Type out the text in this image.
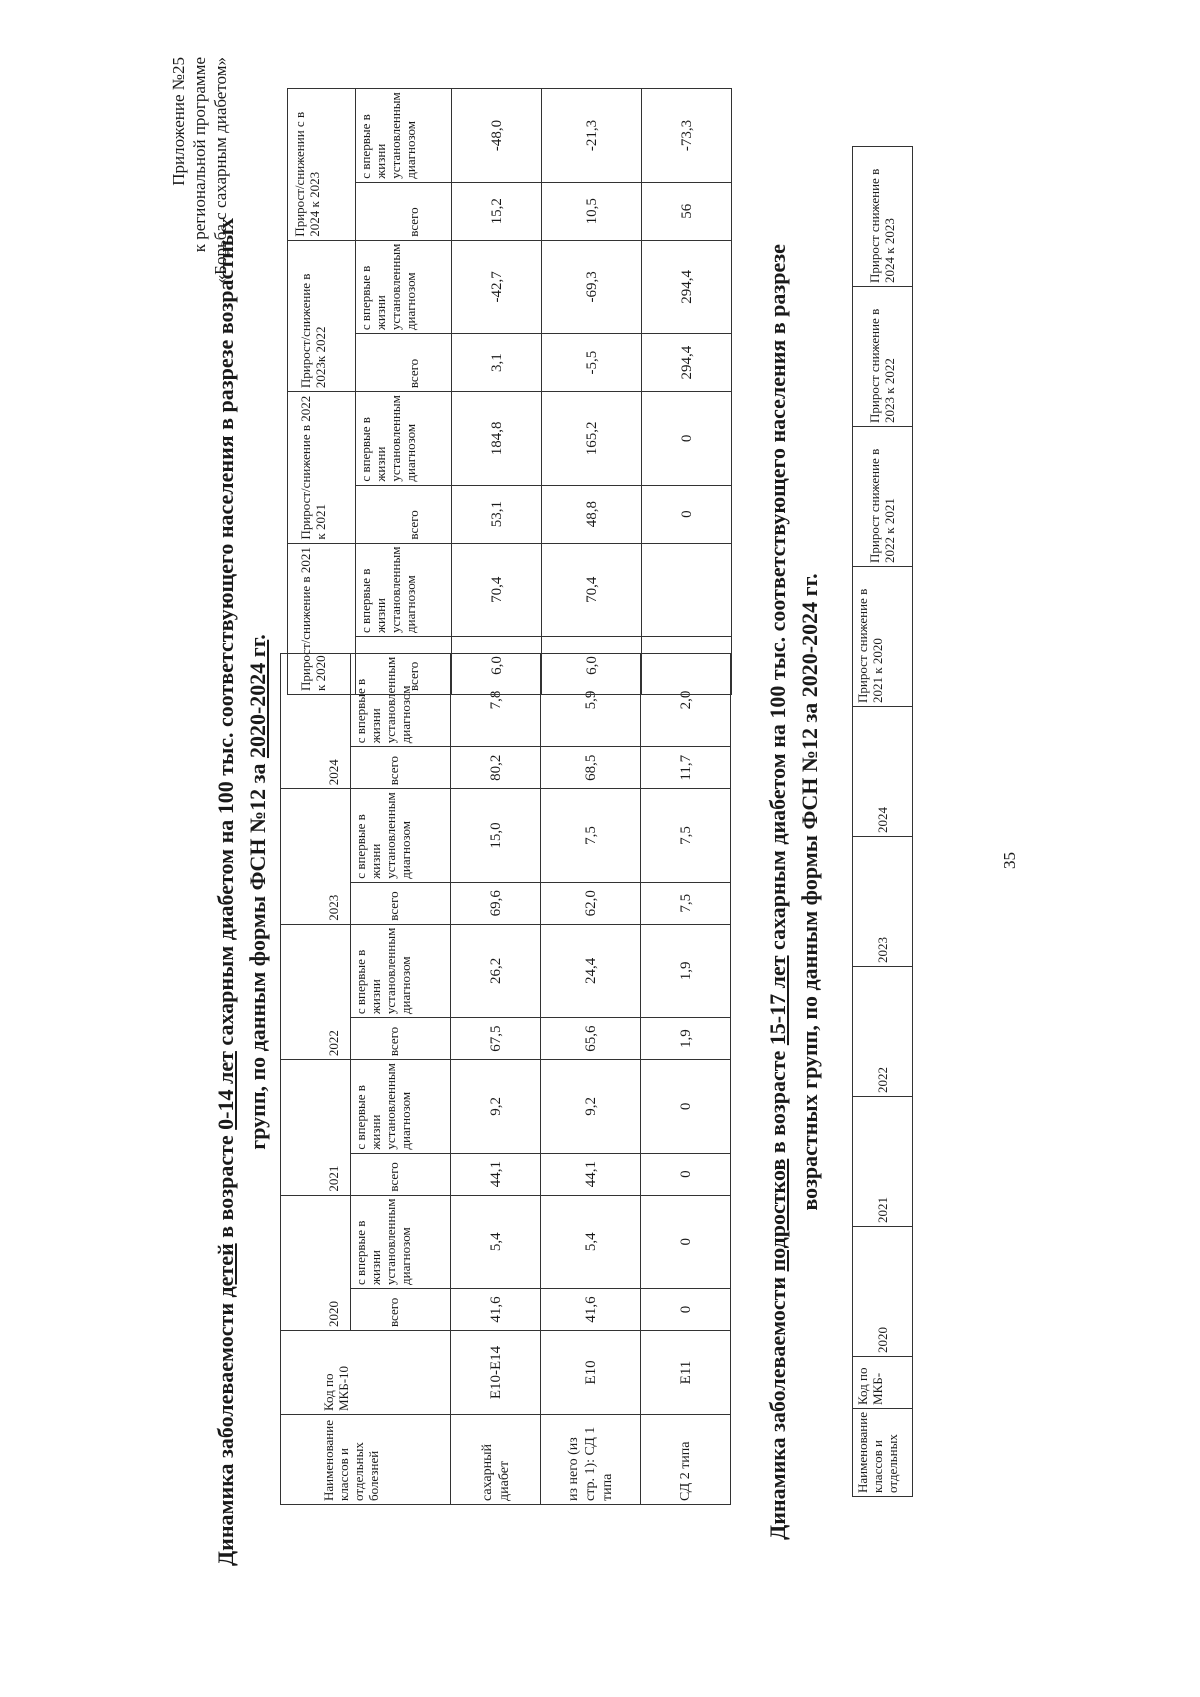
Приложение №25 к региональной программе «Борьба с сахарным диабетом»
Динамика заболеваемости детей в возрасте 0-14 лет сахарным диабетом на 100 тыс. соответствующего населения в разрезе возрастных групп, по данным формы ФСН №12 за 2020-2024 гг.
Наименование классов и отдельных болезней	Код по МКБ-10	2020		2021		2022		2023		2024	
		всего	с впервые в жизни установленным диагнозом	всего	с впервые в жизни установленным диагнозом	всего	с впервые в жизни установленным диагнозом	всего	с впервые в жизни установленным диагнозом	всего	с впервые в жизни установленным диагнозом
сахарный диабет	E10-E14	41,6	5,4	44,1	9,2	67,5	26,2	69,6	15,0	80,2	7,8
из него (из стр. 1): СД 1 типа	E10	41,6	5,4	44,1	9,2	65,6	24,4	62,0	7,5	68,5	5,9
СД 2 типа	E11	0	0	0	0	1,9	1,9	7,5	7,5	11,7	2,0
Прирост/снижение в 2021 к 2020		Прирост/снижение в 2022 к 2021		Прирост/снижение в 2023к 2022		Прирост/снижении с в 2024 к 2023	
всего	с впервые в жизни установленным диагнозом	всего	с впервые в жизни установленным диагнозом	всего	с впервые в жизни установленным диагнозом	всего	с впервые в жизни установленным диагнозом
6,0	70,4	53,1	184,8	3,1	-42,7	15,2	-48,0
6,0	70,4	48,8	165,2	-5,5	-69,3	10,5	-21,3
		0	0	294,4	294,4	56	-73,3
Динамика заболеваемости подростков в возрасте 15-17 лет сахарным диабетом на 100 тыс. соответствующего населения в разрезе возрастных групп, по данным формы ФСН №12 за 2020-2024 гг.
Наименование классов и отдельных	Код по МКБ-	2020	2021	2022	2023	2024	Прирост снижение в 2021 к 2020	Прирост снижение в 2022 к 2021	Прирост снижение в 2023 к 2022	Прирост снижение в 2024 к 2023
35
